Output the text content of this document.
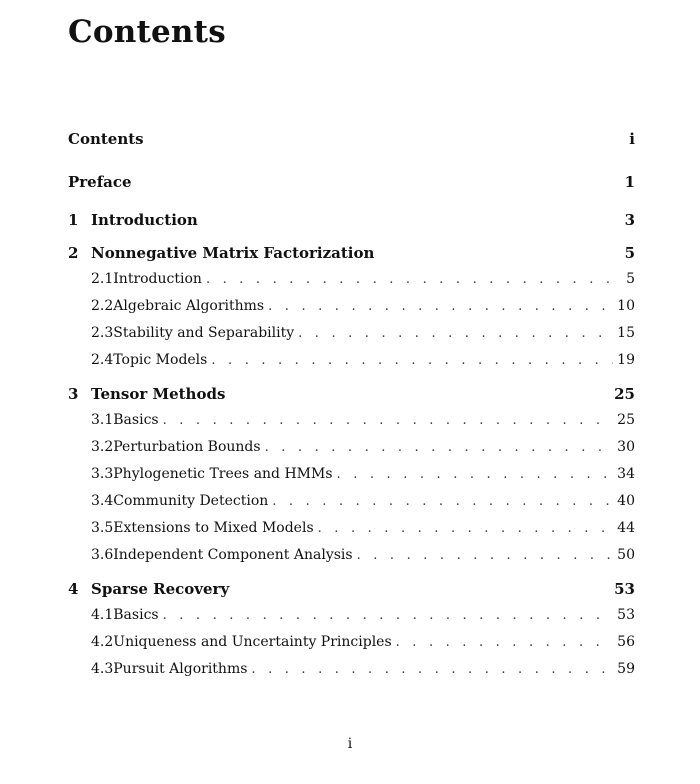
Contents
Contents	i
Preface	1
1 Introduction	3
2 Nonnegative Matrix Factorization	5
2.1 Introduction . . .	5
2.2 Algebraic Algorithms . . .	10
2.3 Stability and Separability . . .	15
2.4 Topic Models . . .	19
3 Tensor Methods	25
3.1 Basics . . .	25
3.2 Perturbation Bounds . . .	30
3.3 Phylogenetic Trees and HMMs . . .	34
3.4 Community Detection . . .	40
3.5 Extensions to Mixed Models . . .	44
3.6 Independent Component Analysis . . .	50
4 Sparse Recovery	53
4.1 Basics . . .	53
4.2 Uniqueness and Uncertainty Principles . . .	56
4.3 Pursuit Algorithms . . .	59
i
